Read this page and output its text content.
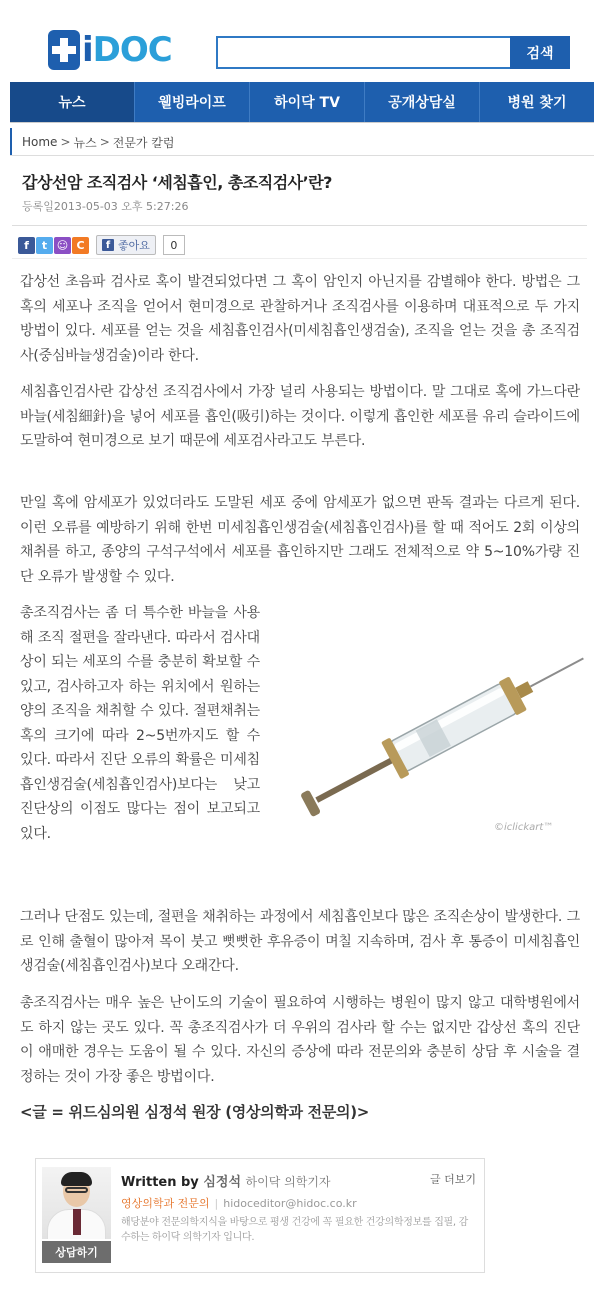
iDOC	검색
뉴스	웰빙라이프	하이닥 TV	공개상담실	병원 찾기
Home > 뉴스 > 전문가 칼럼
갑상선암 조직검사 ‘세침흡인, 총조직검사’란?
등록일2013-05-03 오후 5:27:26
f	t ☺ C	f 좋아요	0
갑상선 초음파 검사로 혹이 발견되었다면 그 혹이 암인지 아닌지를 감별해야 한다. 방법은 그 혹의 세포나 조직을 얻어서 현미경으로 관찰하거나 조직검사를 이용하며 대표적으로 두 가지 방법이 있다. 세포를 얻는 것을 세침흡인검사(미세침흡인생검술), 조직을 얻는 것을 총 조직검사(중심바늘생검술)이라 한다.
세침흡인검사란 갑상선 조직검사에서 가장 널리 사용되는 방법이다. 말 그대로 혹에 가느다란 바늘(세침細針)을 넣어 세포를 흡인(吸引)하는 것이다. 이렇게 흡인한 세포를 유리 슬라이드에 도말하여 현미경으로 보기 때문에 세포검사라고도 부른다.
만일 혹에 암세포가 있었더라도 도말된 세포 중에 암세포가 없으면 판독 결과는 다르게 된다. 이런 오류를 예방하기 위해 한번 미세침흡인생검술(세침흡인검사)를 할 때 적어도 2회 이상의 채취를 하고, 종양의 구석구석에서 세포를 흡인하지만 그래도 전체적으로 약 5~10%가량 진단 오류가 발생할 수 있다.
총조직검사는 좀 더 특수한 바늘을 사용해 조직 절편을 잘라낸다. 따라서 검사대상이 되는 세포의 수를 충분히 확보할 수 있고, 검사하고자 하는 위치에서 원하는 양의 조직을 채취할 수 있다. 절편채취는 혹의 크기에 따라 2~5번까지도 할 수 있다. 따라서 진단 오류의 확률은 미세침흡인생검술(세침흡인검사)보다는 낮고 진단상의 이점도 많다는 점이 보고되고 있다.	©iclickart™
그러나 단점도 있는데, 절편을 채취하는 과정에서 세침흡인보다 많은 조직손상이 발생한다. 그로 인해 출혈이 많아져 목이 붓고 뻣뻣한 후유증이 며칠 지속하며, 검사 후 통증이 미세침흡인생검술(세침흡인검사)보다 오래간다.
총조직검사는 매우 높은 난이도의 기술이 필요하여 시행하는 병원이 많지 않고 대학병원에서도 하지 않는 곳도 있다. 꼭 총조직검사가 더 우위의 검사라 할 수는 없지만 갑상선 혹의 진단이 애매한 경우는 도움이 될 수 있다. 자신의 증상에 따라 전문의와 충분히 상담 후 시술을 결정하는 것이 가장 좋은 방법이다.
<글 = 위드심의원 심정석 원장 (영상의학과 전문의)>
상담하기
Written by 심정석 하이닥 의학기자	글 더보기
영상의학과 전문의 | hidoceditor@hidoc.co.kr
해당분야 전문의학지식을 바탕으로 평생 건강에 꼭 필요한 건강의학정보를 집필, 감수하는 하이닥 의학기자 입니다.
